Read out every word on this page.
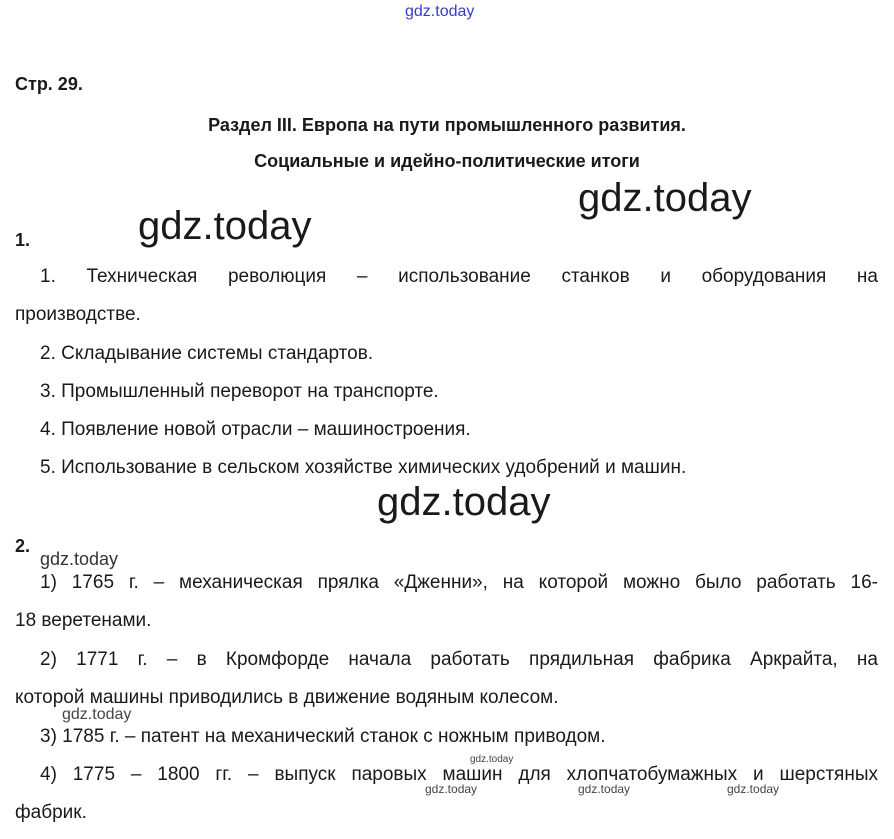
gdz.today
gdz.today
gdz.today
gdz.today
gdz.today
gdz.today
gdz.today
gdz.today	gdz.today	gdz.today
Стр. 29.
Раздел III. Европа на пути промышленного развития.
Социальные и идейно-политические итоги
1.
1. Техническая революция – использование станков и оборудования на
производстве.
2. Складывание системы стандартов.
3. Промышленный переворот на транспорте.
4. Появление новой отрасли – машиностроения.
5. Использование в сельском хозяйстве химических удобрений и машин.
2.
1) 1765 г. – механическая прялка «Дженни», на которой можно было работать 16-
18 веретенами.
2) 1771 г. – в Кромфорде начала работать прядильная фабрика Аркрайта, на
которой машины приводились в движение водяным колесом.
3) 1785 г. – патент на механический станок с ножным приводом.
4) 1775 – 1800 гг. – выпуск паровых машин для хлопчатобумажных и шерстяных
фабрик.
